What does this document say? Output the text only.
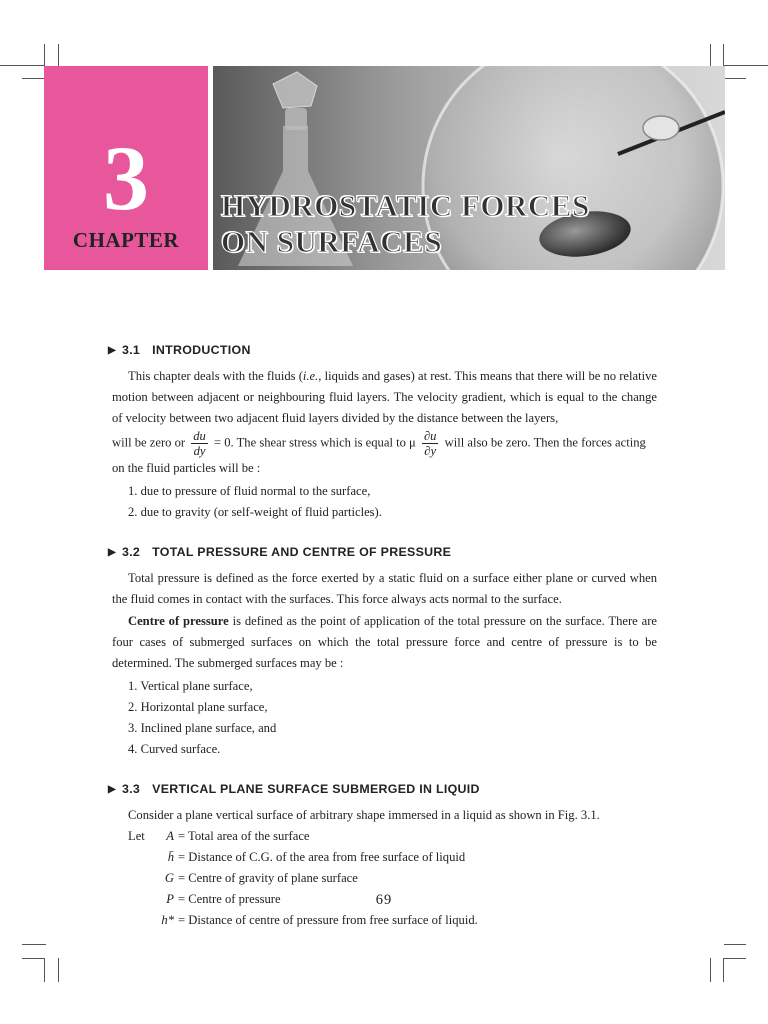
3
CHAPTER
HYDROSTATIC FORCES
ON SURFACES
▶ 3.1 INTRODUCTION

This chapter deals with the fluids (i.e., liquids and gases) at rest. This means that there will be no relative motion between adjacent or neighbouring fluid layers. The velocity gradient, which is equal to the change of velocity between two adjacent fluid layers divided by the distance between the layers,

will be zero or $\frac{du}{dy} = 0$. The shear stress which is equal to μ $\frac{\partial u}{\partial y}$ will also be zero. Then the forces acting

on the fluid particles will be :

1. due to pressure of fluid normal to the surface,

2. due to gravity (or self-weight of fluid particles).

▶ 3.2 TOTAL PRESSURE AND CENTRE OF PRESSURE

Total pressure is defined as the force exerted by a static fluid on a surface either plane or curved when the fluid comes in contact with the surfaces. This force always acts normal to the surface.

Centre of pressure is defined as the point of application of the total pressure on the surface. There are four cases of submerged surfaces on which the total pressure force and centre of pressure is to be determined. The submerged surfaces may be :

1. Vertical plane surface,

2. Horizontal plane surface,

3. Inclined plane surface, and

4. Curved surface.

▶ 3.3 VERTICAL PLANE SURFACE SUBMERGED IN LIQUID

Consider a plane vertical surface of arbitrary shape immersed in a liquid as shown in Fig. 3.1.

Let	A = Total area of the surface
h̄ = Distance of C.G. of the area from free surface of liquid
G = Centre of gravity of plane surface
P = Centre of pressure
h* = Distance of centre of pressure from free surface of liquid.
69
